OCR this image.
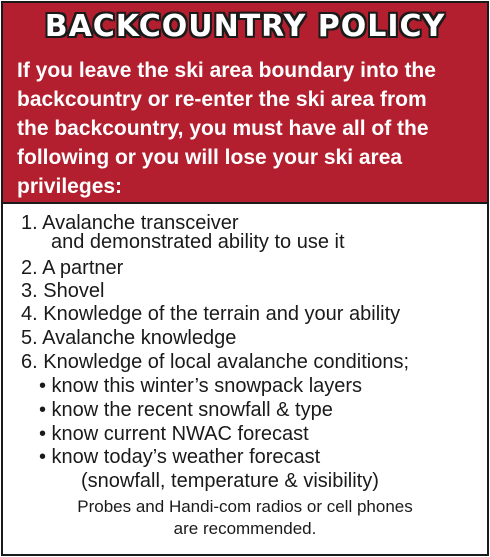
BACKCOUNTRY POLICY
If you leave the ski area boundary into the
backcountry or re-enter the ski area from
the backcountry, you must have all of the
following or you will lose your ski area
privileges:
1. Avalanche transceiver
and demonstrated ability to use it
2. A partner
3. Shovel
4. Knowledge of the terrain and your ability
5. Avalanche knowledge
6. Knowledge of local avalanche conditions;
• know this winter’s snowpack layers
• know the recent snowfall & type
• know current NWAC forecast
• know today’s weather forecast
(snowfall, temperature & visibility)
Probes and Handi-com radios or cell phones
are recommended.
